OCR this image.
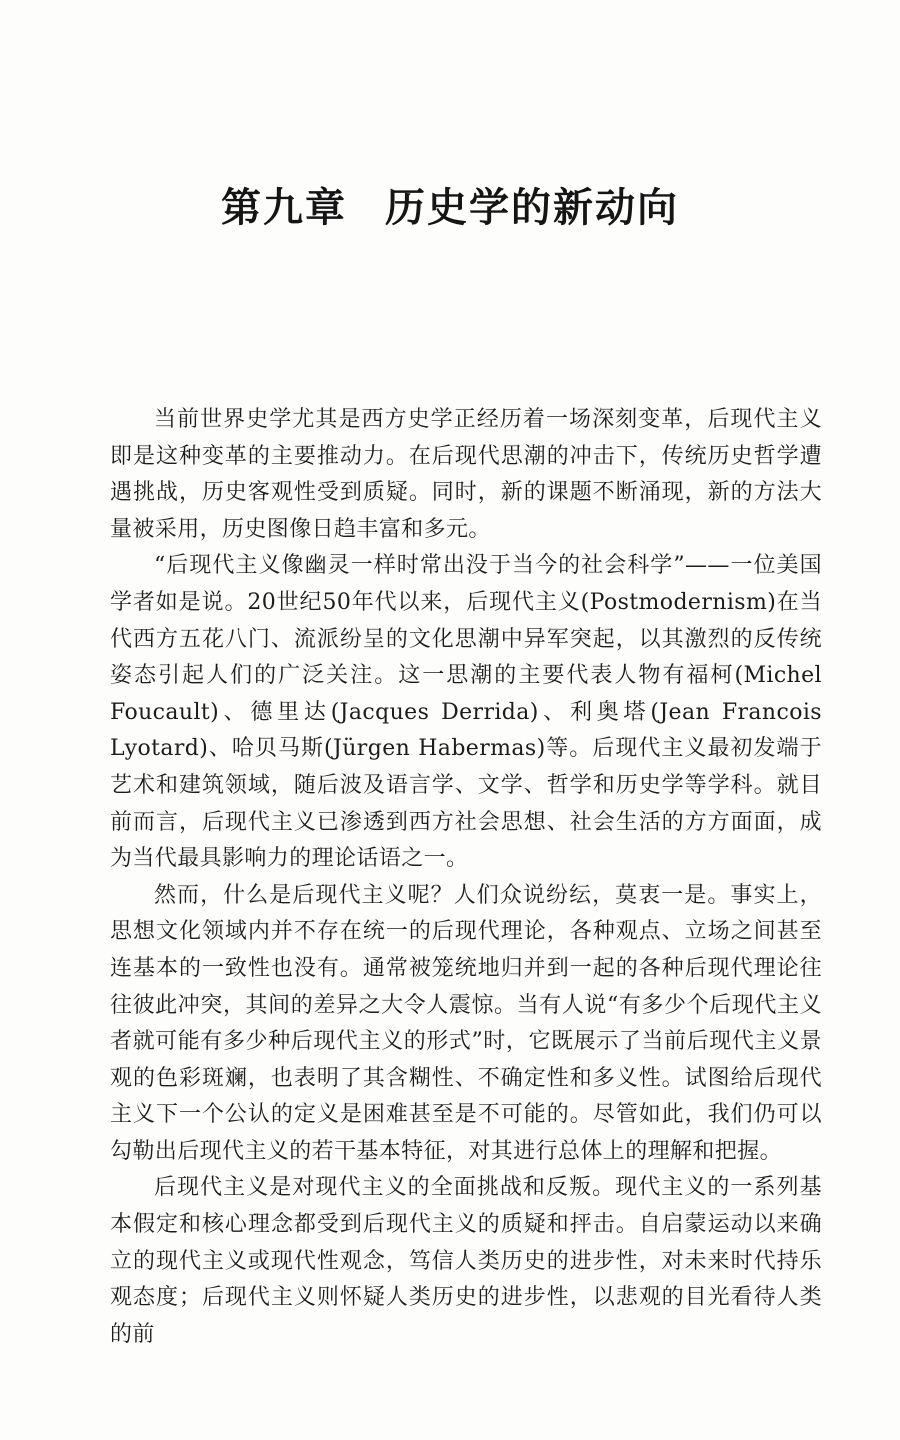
第九章 历史学的新动向

当前世界史学尤其是西方史学正经历着一场深刻变革，后现代主义即是这种变革的主要推动力。在后现代思潮的冲击下，传统历史哲学遭遇挑战，历史客观性受到质疑。同时，新的课题不断涌现，新的方法大量被采用，历史图像日趋丰富和多元。

“后现代主义像幽灵一样时常出没于当今的社会科学”——一位美国学者如是说。20世纪50年代以来，后现代主义(Postmodernism)在当代西方五花八门、流派纷呈的文化思潮中异军突起，以其激烈的反传统姿态引起人们的广泛关注。这一思潮的主要代表人物有福柯(Michel Foucault)、德里达(Jacques Derrida)、利奥塔(Jean Francois Lyotard)、哈贝马斯(Jürgen Habermas)等。后现代主义最初发端于艺术和建筑领域，随后波及语言学、文学、哲学和历史学等学科。就目前而言，后现代主义已渗透到西方社会思想、社会生活的方方面面，成为当代最具影响力的理论话语之一。

然而，什么是后现代主义呢？人们众说纷纭，莫衷一是。事实上，思想文化领域内并不存在统一的后现代理论，各种观点、立场之间甚至连基本的一致性也没有。通常被笼统地归并到一起的各种后现代理论往往彼此冲突，其间的差异之大令人震惊。当有人说“有多少个后现代主义者就可能有多少种后现代主义的形式”时，它既展示了当前后现代主义景观的色彩斑斓，也表明了其含糊性、不确定性和多义性。试图给后现代主义下一个公认的定义是困难甚至是不可能的。尽管如此，我们仍可以勾勒出后现代主义的若干基本特征，对其进行总体上的理解和把握。

后现代主义是对现代主义的全面挑战和反叛。现代主义的一系列基本假定和核心理念都受到后现代主义的质疑和抨击。自启蒙运动以来确立的现代主义或现代性观念，笃信人类历史的进步性，对未来时代持乐观态度；后现代主义则怀疑人类历史的进步性，以悲观的目光看待人类的前
